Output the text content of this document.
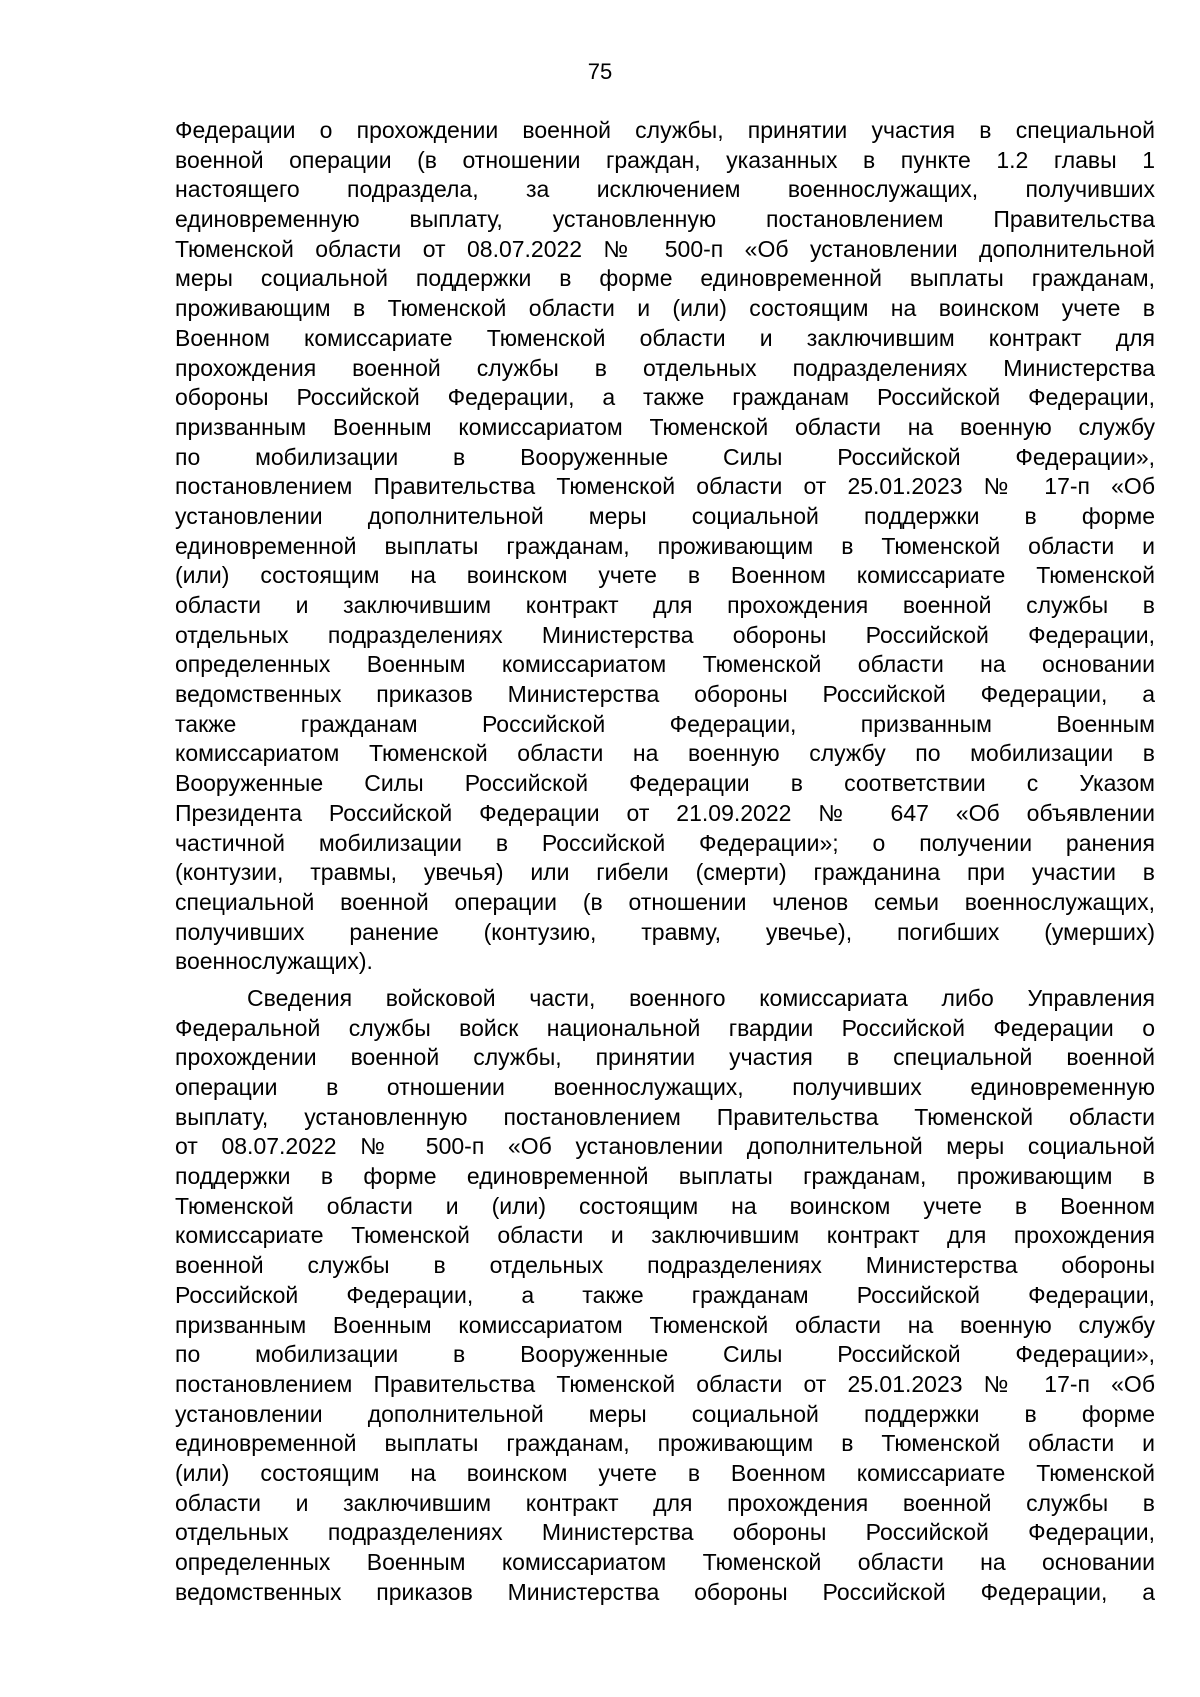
75
Федерации о прохождении военной службы, принятии участия в специальной
военной операции (в отношении граждан, указанных в пункте 1.2 главы 1
настоящего подраздела, за исключением военнослужащих, получивших
единовременную выплату, установленную постановлением Правительства
Тюменской области от 08.07.2022 № 500-п «Об установлении дополнительной
меры социальной поддержки в форме единовременной выплаты гражданам,
проживающим в Тюменской области и (или) состоящим на воинском учете в
Военном комиссариате Тюменской области и заключившим контракт для
прохождения военной службы в отдельных подразделениях Министерства
обороны Российской Федерации, а также гражданам Российской Федерации,
призванным Военным комиссариатом Тюменской области на военную службу
по мобилизации в Вооруженные Силы Российской Федерации»,
постановлением Правительства Тюменской области от 25.01.2023 № 17-п «Об
установлении дополнительной меры социальной поддержки в форме
единовременной выплаты гражданам, проживающим в Тюменской области и
(или) состоящим на воинском учете в Военном комиссариате Тюменской
области и заключившим контракт для прохождения военной службы в
отдельных подразделениях Министерства обороны Российской Федерации,
определенных Военным комиссариатом Тюменской области на основании
ведомственных приказов Министерства обороны Российской Федерации, а
также гражданам Российской Федерации, призванным Военным
комиссариатом Тюменской области на военную службу по мобилизации в
Вооруженные Силы Российской Федерации в соответствии с Указом
Президента Российской Федерации от 21.09.2022 № 647 «Об объявлении
частичной мобилизации в Российской Федерации»; о получении ранения
(контузии, травмы, увечья) или гибели (смерти) гражданина при участии в
специальной военной операции (в отношении членов семьи военнослужащих,
получивших ранение (контузию, травму, увечье), погибших (умерших)
военнослужащих).
Сведения войсковой части, военного комиссариата либо Управления
Федеральной службы войск национальной гвардии Российской Федерации о
прохождении военной службы, принятии участия в специальной военной
операции в отношении военнослужащих, получивших единовременную
выплату, установленную постановлением Правительства Тюменской области
от 08.07.2022 № 500-п «Об установлении дополнительной меры социальной
поддержки в форме единовременной выплаты гражданам, проживающим в
Тюменской области и (или) состоящим на воинском учете в Военном
комиссариате Тюменской области и заключившим контракт для прохождения
военной службы в отдельных подразделениях Министерства обороны
Российской Федерации, а также гражданам Российской Федерации,
призванным Военным комиссариатом Тюменской области на военную службу
по мобилизации в Вооруженные Силы Российской Федерации»,
постановлением Правительства Тюменской области от 25.01.2023 № 17-п «Об
установлении дополнительной меры социальной поддержки в форме
единовременной выплаты гражданам, проживающим в Тюменской области и
(или) состоящим на воинском учете в Военном комиссариате Тюменской
области и заключившим контракт для прохождения военной службы в
отдельных подразделениях Министерства обороны Российской Федерации,
определенных Военным комиссариатом Тюменской области на основании
ведомственных приказов Министерства обороны Российской Федерации, а
